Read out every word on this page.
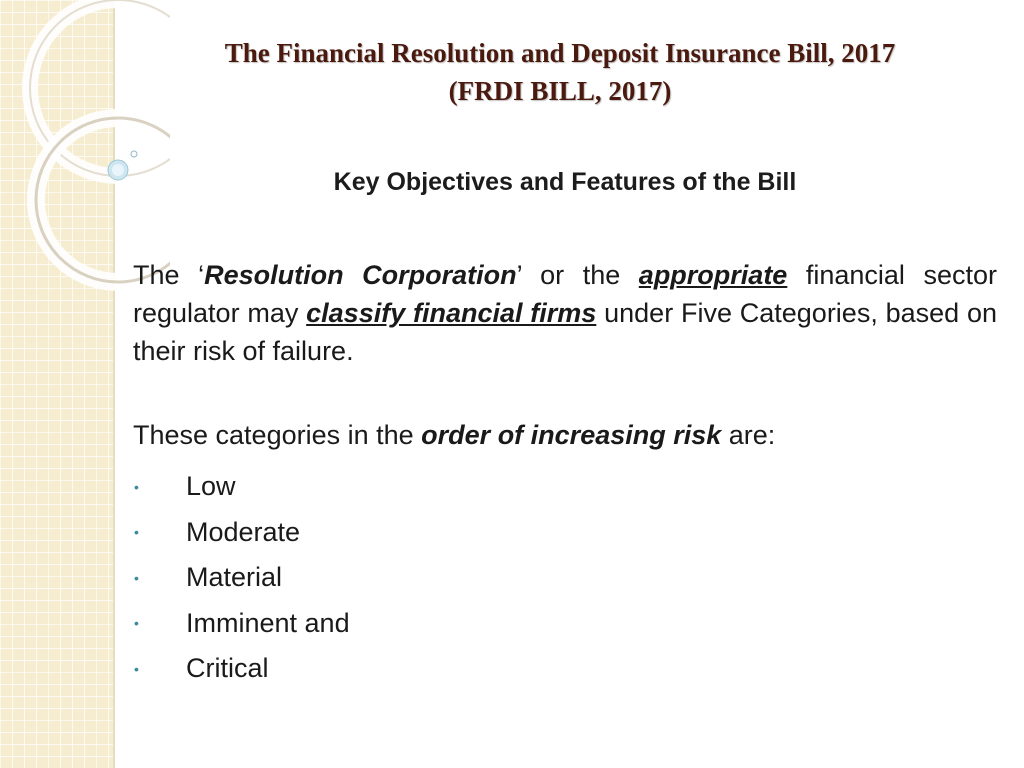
The Financial Resolution and Deposit Insurance Bill, 2017
(FRDI BILL, 2017)
Key Objectives and Features of the Bill
The ‘Resolution Corporation’ or the appropriate financial sector regulator may classify financial firms under Five Categories, based on their risk of failure.
These categories in the order of increasing risk are:
•	Low
•	Moderate
•	Material
•	Imminent and
•	Critical
